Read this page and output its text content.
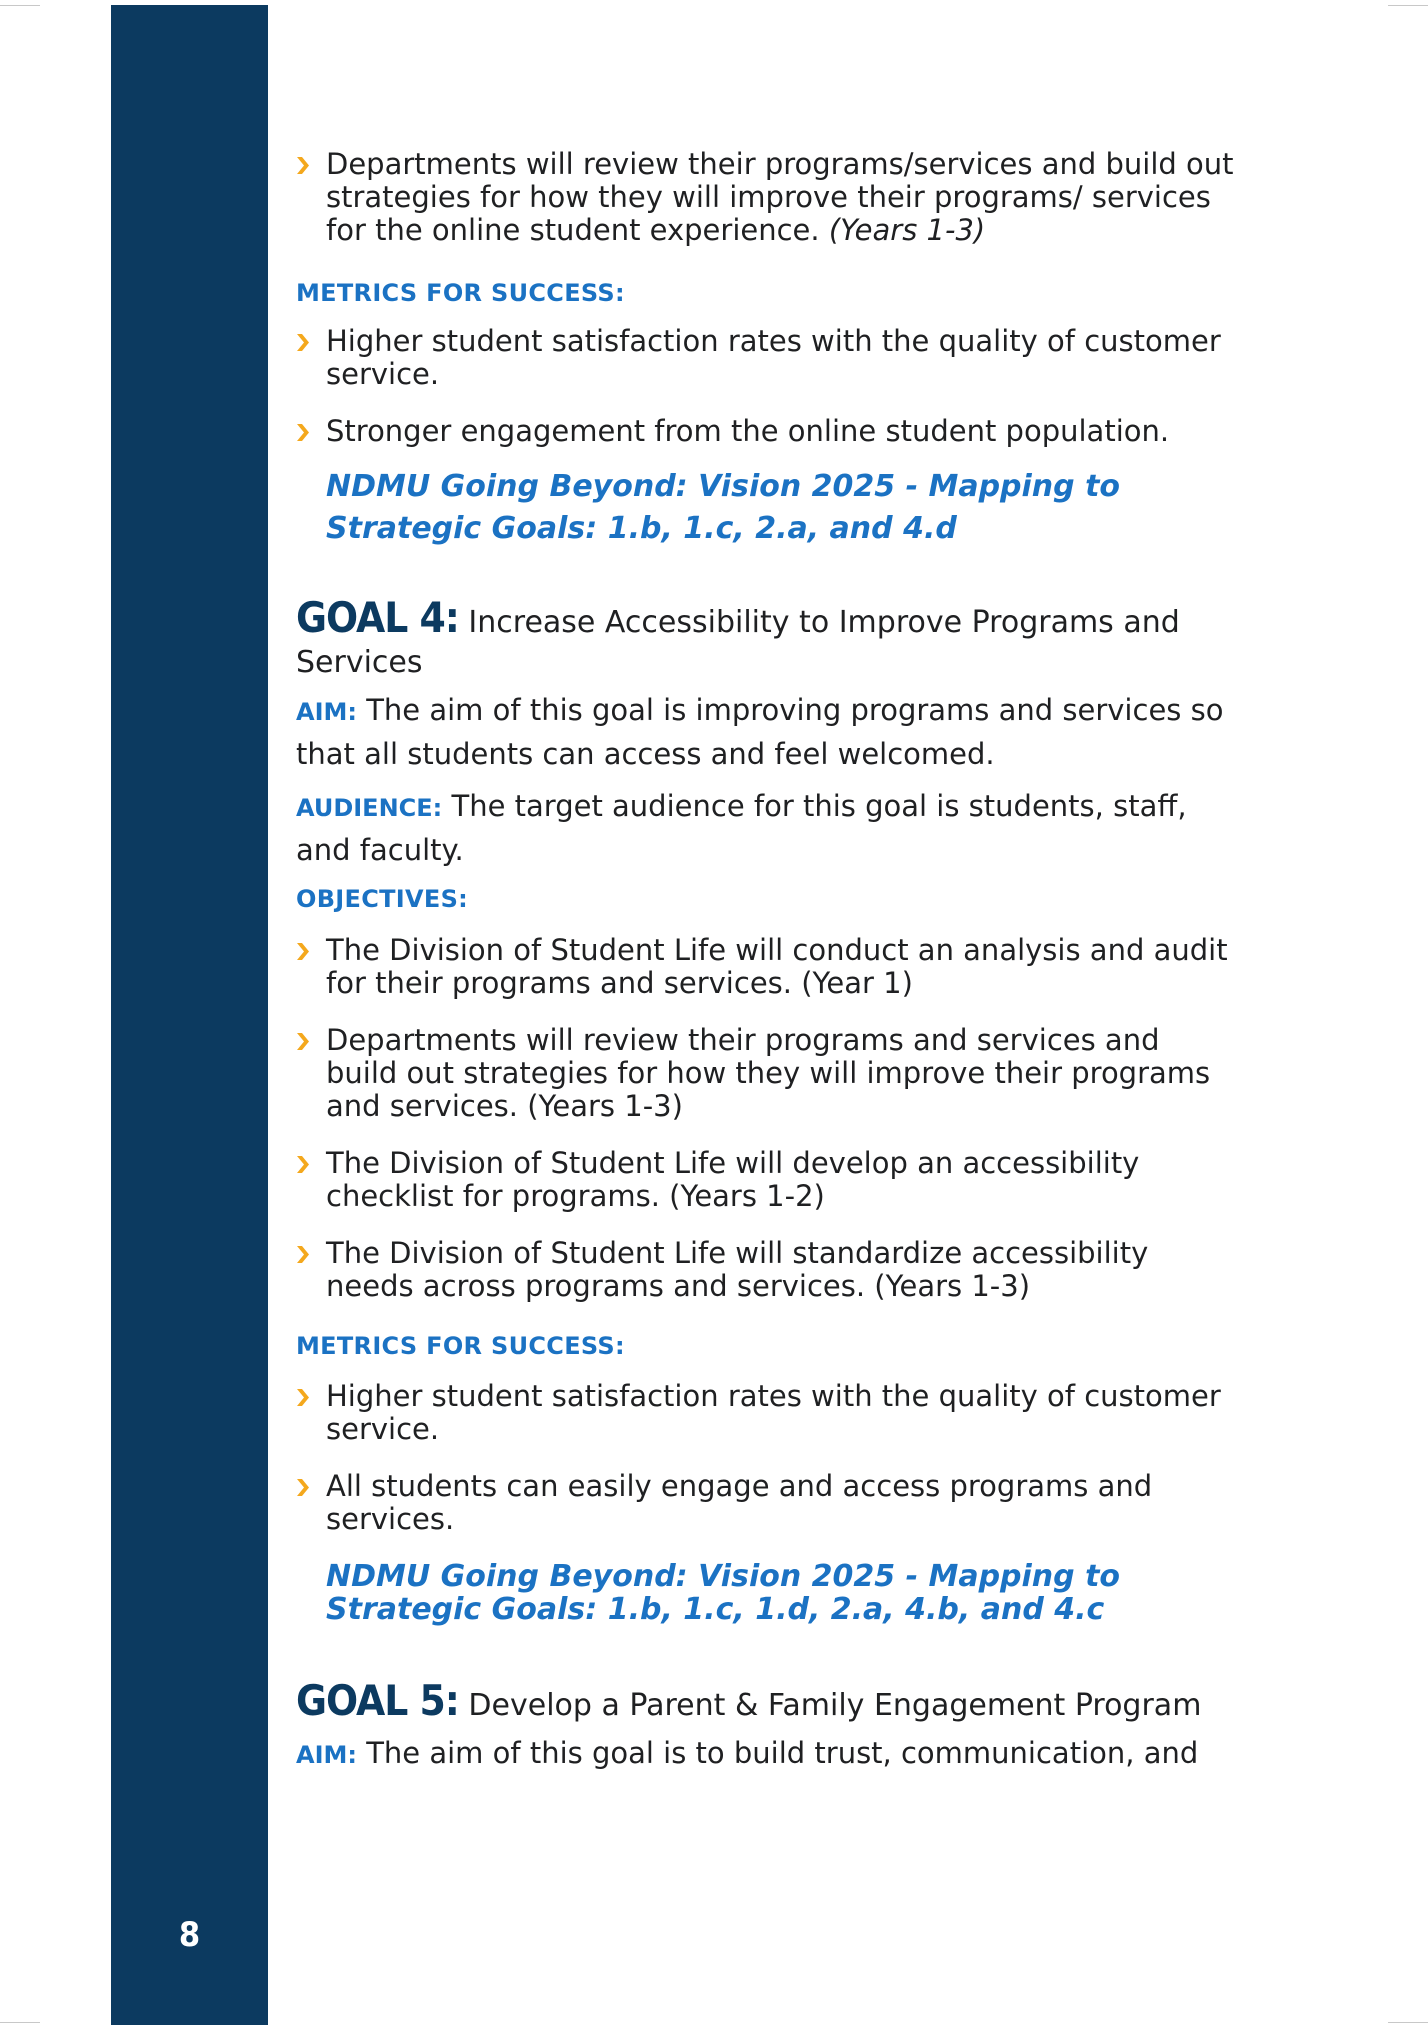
8
Departments will review their programs/services and build out strategies for how they will improve their programs/ services for the online student experience. (Years 1-3)
METRICS FOR SUCCESS:
Higher student satisfaction rates with the quality of customer service.
Stronger engagement from the online student population.
NDMU Going Beyond: Vision 2025 - Mapping to Strategic Goals: 1.b, 1.c, 2.a, and 4.d
GOAL 4: Increase Accessibility to Improve Programs and Services
AIM: The aim of this goal is improving programs and services so that all students can access and feel welcomed.
AUDIENCE: The target audience for this goal is students, staff, and faculty.
OBJECTIVES:
The Division of Student Life will conduct an analysis and audit for their programs and services. (Year 1)
Departments will review their programs and services and build out strategies for how they will improve their programs and services. (Years 1-3)
The Division of Student Life will develop an accessibility checklist for programs. (Years 1-2)
The Division of Student Life will standardize accessibility needs across programs and services. (Years 1-3)
METRICS FOR SUCCESS:
Higher student satisfaction rates with the quality of customer service.
All students can easily engage and access programs and services.
NDMU Going Beyond: Vision 2025 - Mapping to Strategic Goals: 1.b, 1.c, 1.d, 2.a, 4.b, and 4.c
GOAL 5: Develop a Parent & Family Engagement Program
AIM: The aim of this goal is to build trust, communication, and
